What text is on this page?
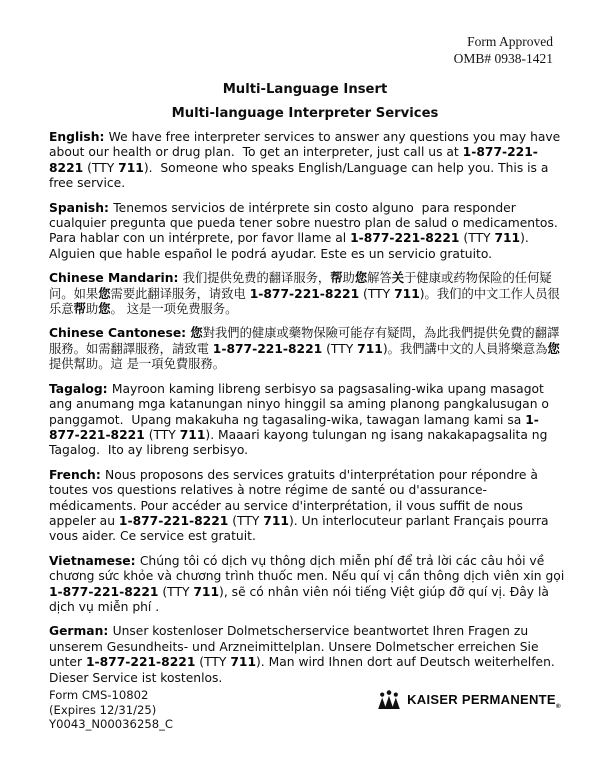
Form Approved
OMB# 0938-1421
Multi-Language Insert
Multi-language Interpreter Services

English: We have free interpreter services to answer any questions you may have about our health or drug plan.  To get an interpreter, just call us at 1-877-221-8221 (TTY 711).  Someone who speaks English/Language can help you. This is a free service.

Spanish: Tenemos servicios de intérprete sin costo alguno  para responder cualquier pregunta que pueda tener sobre nuestro plan de salud o medicamentos. Para hablar con un intérprete, por favor llame al 1-877-221-8221 (TTY 711). Alguien que hable español le podrá ayudar. Este es un servicio gratuito.

Chinese Mandarin: 我们提供免费的翻译服务，帮助您解答关于健康或药物保险的任何疑 问。如果您需要此翻译服务，请致电 1-877-221-8221 (TTY 711)。我们的中文工作人员很乐意帮助您。 这是一项免费服务。

Chinese Cantonese: 您對我們的健康或藥物保險可能存有疑問，為此我們提供免費的翻譯 服務。如需翻譯服務，請致電 1-877-221-8221 (TTY 711)。我們講中文的人員將樂意為您提供幫助。這 是一項免費服務。

Tagalog: Mayroon kaming libreng serbisyo sa pagsasaling-wika upang masagot ang anumang mga katanungan ninyo hinggil sa aming planong pangkalusugan o panggamot.  Upang makakuha ng tagasaling-wika, tawagan lamang kami sa 1-877-221-8221 (TTY 711). Maaari kayong tulungan ng isang nakakapagsalita ng Tagalog.  Ito ay libreng serbisyo.

French: Nous proposons des services gratuits d'interprétation pour répondre à toutes vos questions relatives à notre régime de santé ou d'assurance-médicaments. Pour accéder au service d'interprétation, il vous suffit de nous appeler au 1-877-221-8221 (TTY 711). Un interlocuteur parlant Français pourra vous aider. Ce service est gratuit.

Vietnamese: Chúng tôi có dịch vụ thông dịch miễn phí để trả lời các câu hỏi về chương sức khỏe và chương trình thuốc men. Nếu quí vị cần thông dịch viên xin gọi 1-877-221-8221 (TTY 711), sẽ có nhân viên nói tiếng Việt giúp đỡ quí vị. Đây là dịch vụ miễn phí .

German: Unser kostenloser Dolmetscherservice beantwortet Ihren Fragen zu unserem Gesundheits- und Arzneimittelplan. Unsere Dolmetscher erreichen Sie unter 1-877-221-8221 (TTY 711). Man wird Ihnen dort auf Deutsch weiterhelfen. Dieser Service ist kostenlos.

Form CMS-10802
(Expires 12/31/25)
Y0043_N00036258_C
KAISER $PERMANENTE_®$
